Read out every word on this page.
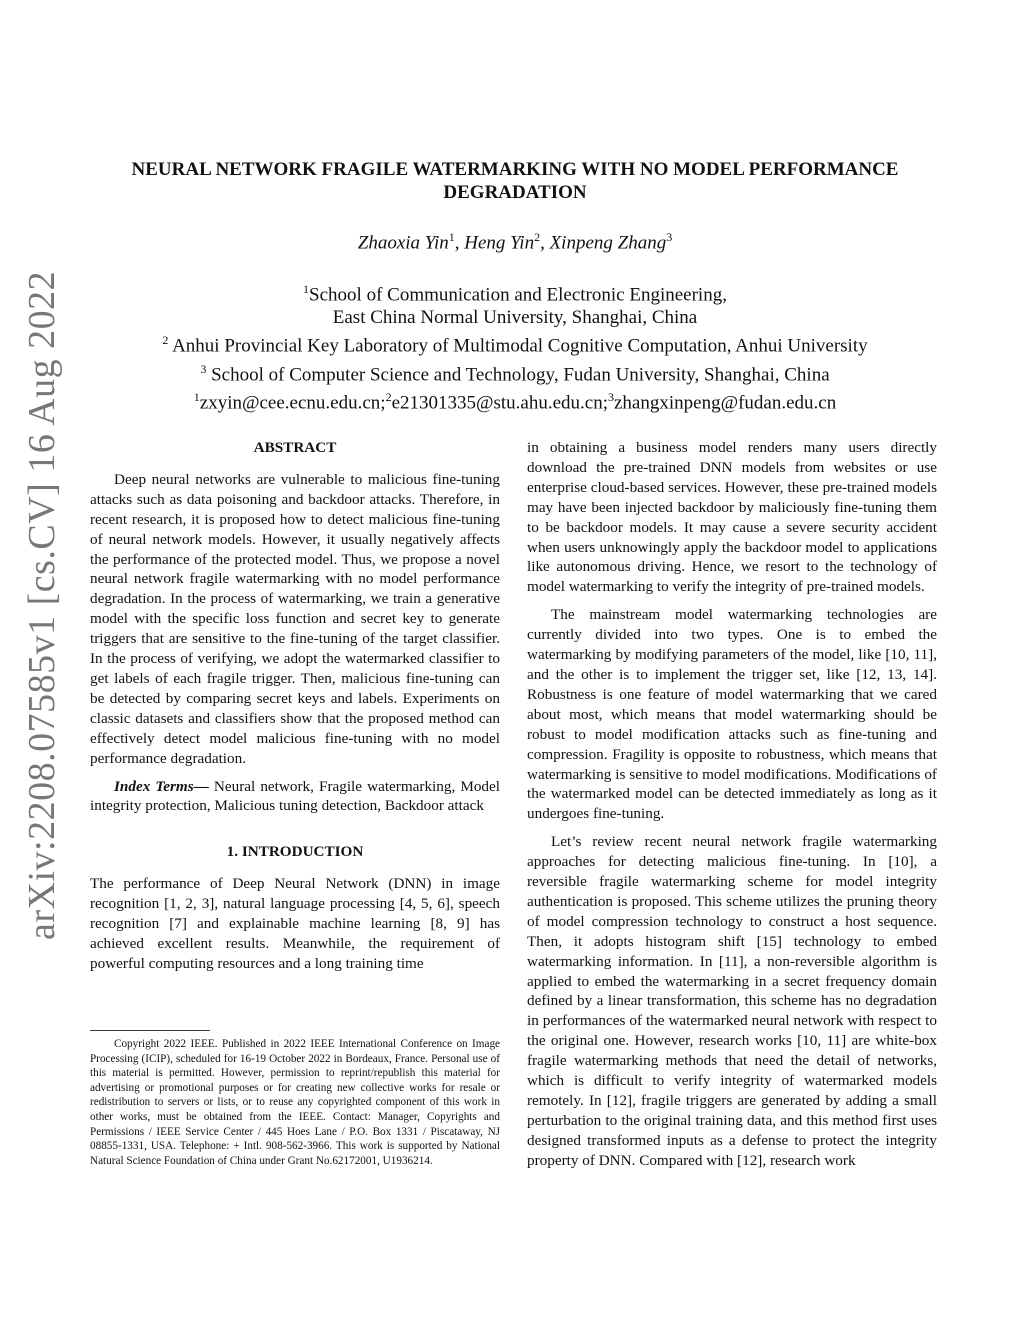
arXiv:2208.07585v1 [cs.CV] 16 Aug 2022
NEURAL NETWORK FRAGILE WATERMARKING WITH NO MODEL PERFORMANCE
DEGRADATION
Zhaoxia Yin$^1$, Heng Yin$^2$, Xinpeng Zhang$^3$
$^1$School of Communication and Electronic Engineering,
East China Normal University, Shanghai, China
$^2$ Anhui Provincial Key Laboratory of Multimodal Cognitive Computation, Anhui University
$^3$ School of Computer Science and Technology, Fudan University, Shanghai, China
$^1$zxyin@cee.ecnu.edu.cn;$^2$e21301335@stu.ahu.edu.cn;$^3$zhangxinpeng@fudan.edu.cn
ABSTRACT

Deep neural networks are vulnerable to malicious fine-tuning attacks such as data poisoning and backdoor attacks. Therefore, in recent research, it is proposed how to detect malicious fine-tuning of neural network models. However, it usually negatively affects the performance of the protected model. Thus, we propose a novel neural network fragile watermarking with no model performance degradation. In the process of watermarking, we train a generative model with the specific loss function and secret key to generate triggers that are sensitive to the fine-tuning of the target classifier. In the process of verifying, we adopt the watermarked classifier to get labels of each fragile trigger. Then, malicious fine-tuning can be detected by comparing secret keys and labels. Experiments on classic datasets and classifiers show that the proposed method can effectively detect model malicious fine-tuning with no model performance degradation.

Index Terms— Neural network, Fragile watermarking, Model integrity protection, Malicious tuning detection, Backdoor attack

1. INTRODUCTION

The performance of Deep Neural Network (DNN) in image recognition [1, 2, 3], natural language processing [4, 5, 6], speech recognition [7] and explainable machine learning [8, 9] has achieved excellent results. Meanwhile, the requirement of powerful computing resources and a long training time

Copyright 2022 IEEE. Published in 2022 IEEE International Conference on Image Processing (ICIP), scheduled for 16-19 October 2022 in Bordeaux, France. Personal use of this material is permitted. However, permission to reprint/republish this material for advertising or promotional purposes or for creating new collective works for resale or redistribution to servers or lists, or to reuse any copyrighted component of this work in other works, must be obtained from the IEEE. Contact: Manager, Copyrights and Permissions / IEEE Service Center / 445 Hoes Lane / P.O. Box 1331 / Piscataway, NJ 08855-1331, USA. Telephone: + Intl. 908-562-3966. This work is supported by National Natural Science Foundation of China under Grant No.62172001, U1936214.

in obtaining a business model renders many users directly download the pre-trained DNN models from websites or use enterprise cloud-based services. However, these pre-trained models may have been injected backdoor by maliciously fine-tuning them to be backdoor models. It may cause a severe security accident when users unknowingly apply the backdoor model to applications like autonomous driving. Hence, we resort to the technology of model watermarking to verify the integrity of pre-trained models.

The mainstream model watermarking technologies are currently divided into two types. One is to embed the watermarking by modifying parameters of the model, like [10, 11], and the other is to implement the trigger set, like [12, 13, 14]. Robustness is one feature of model watermarking that we cared about most, which means that model watermarking should be robust to model modification attacks such as fine-tuning and compression. Fragility is opposite to robustness, which means that watermarking is sensitive to model modifications. Modifications of the watermarked model can be detected immediately as long as it undergoes fine-tuning.

Let’s review recent neural network fragile watermarking approaches for detecting malicious fine-tuning. In [10], a reversible fragile watermarking scheme for model integrity authentication is proposed. This scheme utilizes the pruning theory of model compression technology to construct a host sequence. Then, it adopts histogram shift [15] technology to embed watermarking information. In [11], a non-reversible algorithm is applied to embed the watermarking in a secret frequency domain defined by a linear transformation, this scheme has no degradation in performances of the watermarked neural network with respect to the original one. However, research works [10, 11] are white-box fragile watermarking methods that need the detail of networks, which is difficult to verify integrity of watermarked models remotely. In [12], fragile triggers are generated by adding a small perturbation to the original training data, and this method first uses designed transformed inputs as a defense to protect the integrity property of DNN. Compared with [12], research work
